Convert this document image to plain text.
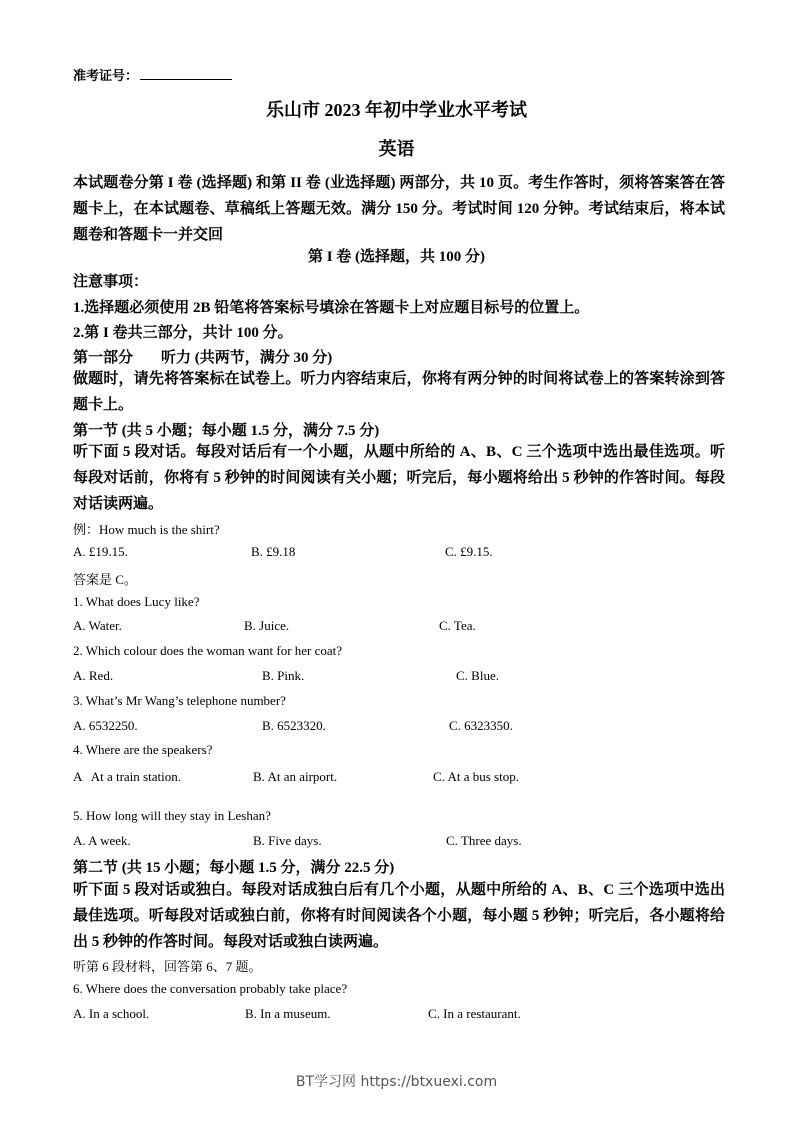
准考证号：
乐山市 2023 年初中学业水平考试
英语
本试题卷分第 I 卷 (选择题) 和第 II 卷 (业选择题) 两部分，共 10 页。考生作答时，须将答案答在答题卡上，在本试题卷、草稿纸上答题无效。满分 150 分。考试时间 120 分钟。考试结束后，将本试题卷和答题卡一并交回
第 I 卷 (选择题，共 100 分)
注意事项：
1.选择题必须使用 2B 铅笔将答案标号填涂在答题卡上对应题目标号的位置上。
2.第 I 卷共三部分，共计 100 分。
第一部分 听力 (共两节，满分 30 分)
做题时，请先将答案标在试卷上。听力内容结束后，你将有两分钟的时间将试卷上的答案转涂到答题卡上。
第一节 (共 5 小题；每小题 1.5 分，满分 7.5 分)
听下面 5 段对话。每段对话后有一个小题，从题中所给的 A、B、C 三个选项中选出最佳选项。听每段对话前，你将有 5 秒钟的时间阅读有关小题；听完后，每小题将给出 5 秒钟的作答时间。每段对话读两遍。
例：How much is the shirt?
A. £19.15.	B. £9.18	C. £9.15.
答案是 C。
1. What does Lucy like?
A. Water.	B. Juice.	C. Tea.
2. Which colour does the woman want for her coat?
A. Red.	B. Pink.	C. Blue.
3. What’s Mr Wang’s telephone number?
A. 6532250.	B. 6523320.	C. 6323350.
4. Where are the speakers?
A   At a train station.	B. At an airport.	C. At a bus stop.
5. How long will they stay in Leshan?
A. A week.	B. Five days.	C. Three days.
第二节 (共 15 小题；每小题 1.5 分，满分 22.5 分)
听下面 5 段对话或独白。每段对话成独白后有几个小题，从题中所给的 A、B、C 三个选项中选出最佳选项。听每段对话或独白前，你将有时间阅读各个小题，每小题 5 秒钟；听完后，各小题将给出 5 秒钟的作答时间。每段对话或独白读两遍。
听第 6 段材料，回答第 6、7 题。
6. Where does the conversation probably take place?
A. In a school.	B. In a museum.	C. In a restaurant.
BT学习网 https://btxuexi.com
